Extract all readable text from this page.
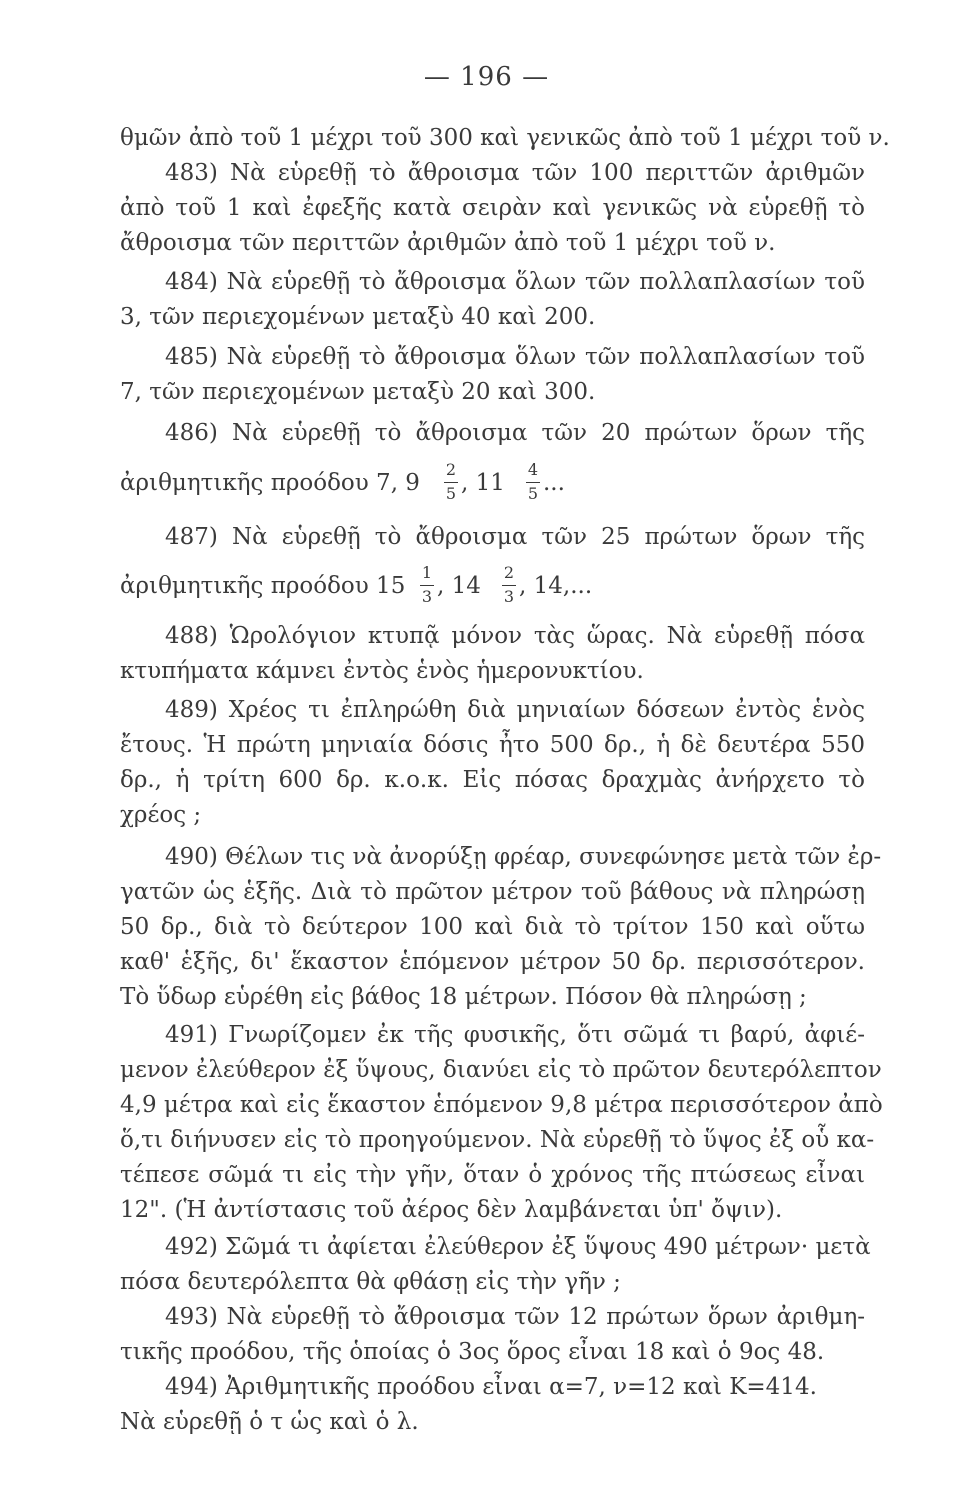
— 196 —
θμῶν ἀπὸ τοῦ 1 μέχρι τοῦ 300 καὶ γενικῶς ἀπὸ τοῦ 1 μέχρι τοῦ ν.
483) Νὰ εὑρεθῇ τὸ ἄθροισμα τῶν 100 περιττῶν ἀριθμῶν
ἀπὸ τοῦ 1 καὶ ἐφεξῆς κατὰ σειρὰν καὶ γενικῶς νὰ εὑρεθῇ τὸ
ἄθροισμα τῶν περιττῶν ἀριθμῶν ἀπὸ τοῦ 1 μέχρι τοῦ ν.
484) Νὰ εὑρεθῇ τὸ ἄθροισμα ὅλων τῶν πολλαπλασίων τοῦ
3, τῶν περιεχομένων μεταξὺ 40 καὶ 200.
485) Νὰ εὑρεθῇ τὸ ἄθροισμα ὅλων τῶν πολλαπλασίων τοῦ
7, τῶν περιεχομένων μεταξὺ 20 καὶ 300.
486) Νὰ εὑρεθῇ τὸ ἄθροισμα τῶν 20 πρώτων ὅρων τῆς
ἀριθμητικῆς προόδου 7, 9
2
5 , 11
4
5 ...
487) Νὰ εὑρεθῇ τὸ ἄθροισμα τῶν 25 πρώτων ὅρων τῆς
ἀριθμητικῆς προόδου 15
1
3 , 14
2
3 , 14,...
488) Ὡρολόγιον κτυπᾷ μόνον τὰς ὥρας. Νὰ εὑρεθῇ πόσα
κτυπήματα κάμνει ἐντὸς ἑνὸς ἡμερονυκτίου.
489) Χρέος τι ἐπληρώθη διὰ μηνιαίων δόσεων ἐντὸς ἑνὸς
ἔτους. Ἡ πρώτη μηνιαία δόσις ἦτο 500 δρ., ἡ δὲ δευτέρα 550
δρ., ἡ τρίτη 600 δρ. κ.ο.κ. Εἰς πόσας δραχμὰς ἀνήρχετο τὸ
χρέος ;
490) Θέλων τις νὰ ἀνορύξῃ φρέαρ, συνεφώνησε μετὰ τῶν ἐρ-
γατῶν ὡς ἑξῆς. Διὰ τὸ πρῶτον μέτρον τοῦ βάθους νὰ πληρώσῃ
50 δρ., διὰ τὸ δεύτερον 100 καὶ διὰ τὸ τρίτον 150 καὶ οὕτω
καθ' ἑξῆς, δι' ἕκαστον ἑπόμενον μέτρον 50 δρ. περισσότερον.
Τὸ ὕδωρ εὑρέθη εἰς βάθος 18 μέτρων. Πόσον θὰ πληρώσῃ ;
491) Γνωρίζομεν ἐκ τῆς φυσικῆς, ὅτι σῶμά τι βαρύ, ἀφιέ-
μενον ἐλεύθερον ἐξ ὕψους, διανύει εἰς τὸ πρῶτον δευτερόλεπτον
4,9 μέτρα καὶ εἰς ἕκαστον ἑπόμενον 9,8 μέτρα περισσότερον ἀπὸ
ὅ,τι διήνυσεν εἰς τὸ προηγούμενον. Νὰ εὑρεθῇ τὸ ὕψος ἐξ οὗ κα-
τέπεσε σῶμά τι εἰς τὴν γῆν, ὅταν ὁ χρόνος τῆς πτώσεως εἶναι
12". (Ἡ ἀντίστασις τοῦ ἀέρος δὲν λαμβάνεται ὑπ' ὄψιν).
492) Σῶμά τι ἀφίεται ἐλεύθερον ἐξ ὕψους 490 μέτρων· μετὰ
πόσα δευτερόλεπτα θὰ φθάσῃ εἰς τὴν γῆν ;
493) Νὰ εὑρεθῇ τὸ ἄθροισμα τῶν 12 πρώτων ὅρων ἀριθμη-
τικῆς προόδου, τῆς ὁποίας ὁ 3ος ὅρος εἶναι 18 καὶ ὁ 9ος 48.
494) Ἀριθμητικῆς προόδου εἶναι α=7, ν=12 καὶ Κ=414.
Νὰ εὑρεθῇ ὁ τ ὡς καὶ ὁ λ.
